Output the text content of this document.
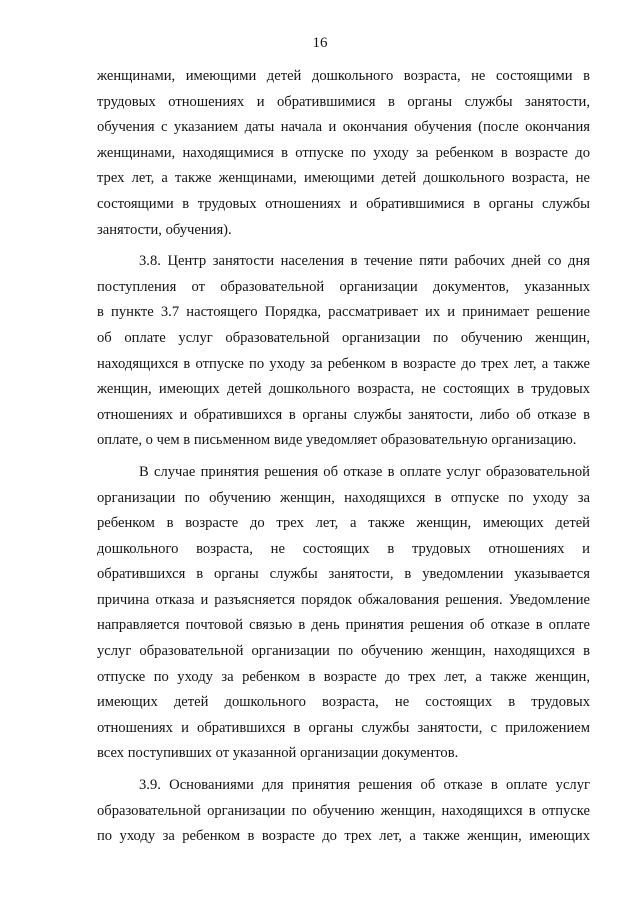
16
женщинами, имеющими детей дошкольного возраста, не состоящими в
трудовых отношениях и обратившимися в органы службы занятости,
обучения с указанием даты начала и окончания обучения (после окончания
женщинами, находящимися в отпуске по уходу за ребенком в возрасте до
трех лет, а также женщинами, имеющими детей дошкольного возраста, не
состоящими в трудовых отношениях и обратившимися в органы службы
занятости, обучения).
3.8. Центр занятости населения в течение пяти рабочих дней со дня
поступления от образовательной организации документов, указанных
в пункте 3.7 настоящего Порядка, рассматривает их и принимает решение
об оплате услуг образовательной организации по обучению женщин,
находящихся в отпуске по уходу за ребенком в возрасте до трех лет, а также
женщин, имеющих детей дошкольного возраста, не состоящих в трудовых
отношениях и обратившихся в органы службы занятости, либо об отказе в
оплате, о чем в письменном виде уведомляет образовательную организацию.
В случае принятия решения об отказе в оплате услуг образовательной
организации по обучению женщин, находящихся в отпуске по уходу за
ребенком в возрасте до трех лет, а также женщин, имеющих детей
дошкольного возраста, не состоящих в трудовых отношениях и
обратившихся в органы службы занятости, в уведомлении указывается
причина отказа и разъясняется порядок обжалования решения. Уведомление
направляется почтовой связью в день принятия решения об отказе в оплате
услуг образовательной организации по обучению женщин, находящихся в
отпуске по уходу за ребенком в возрасте до трех лет, а также женщин,
имеющих детей дошкольного возраста, не состоящих в трудовых
отношениях и обратившихся в органы службы занятости, с приложением
всех поступивших от указанной организации документов.
3.9. Основаниями для принятия решения об отказе в оплате услуг
образовательной организации по обучению женщин, находящихся в отпуске
по уходу за ребенком в возрасте до трех лет, а также женщин, имеющих
